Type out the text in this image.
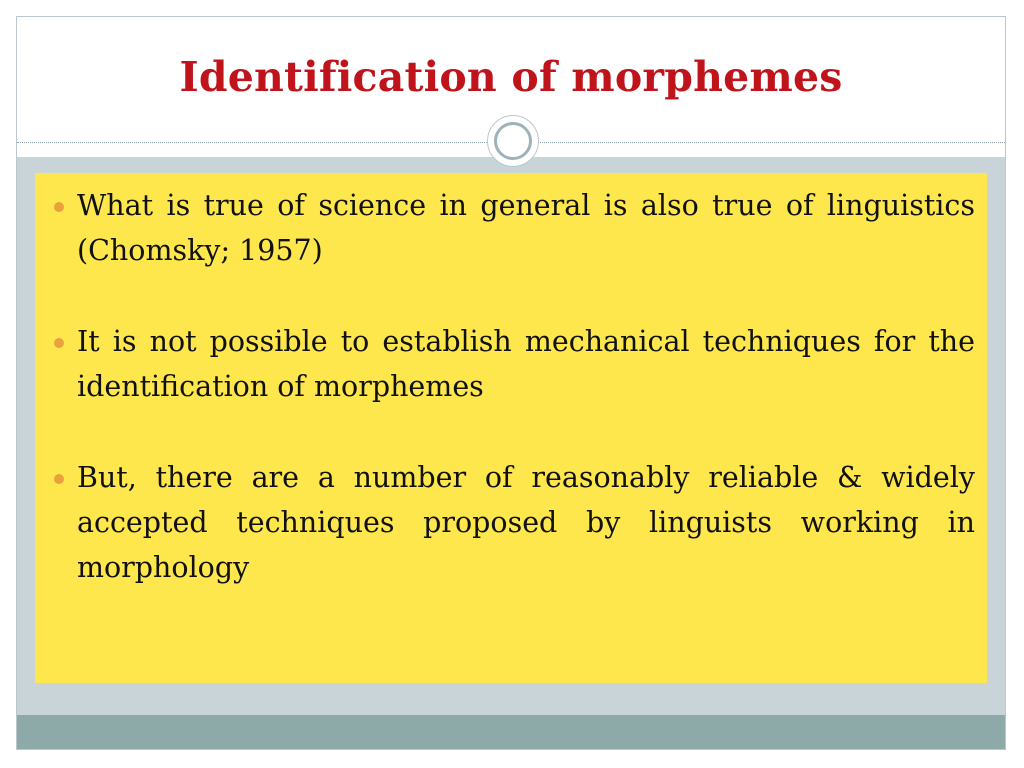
Identification of morphemes
What is true of science in general is also true of linguistics (Chomsky; 1957)
It is not possible to establish mechanical techniques for the identification of morphemes
But, there are a number of reasonably reliable & widely accepted techniques proposed by linguists working in morphology
